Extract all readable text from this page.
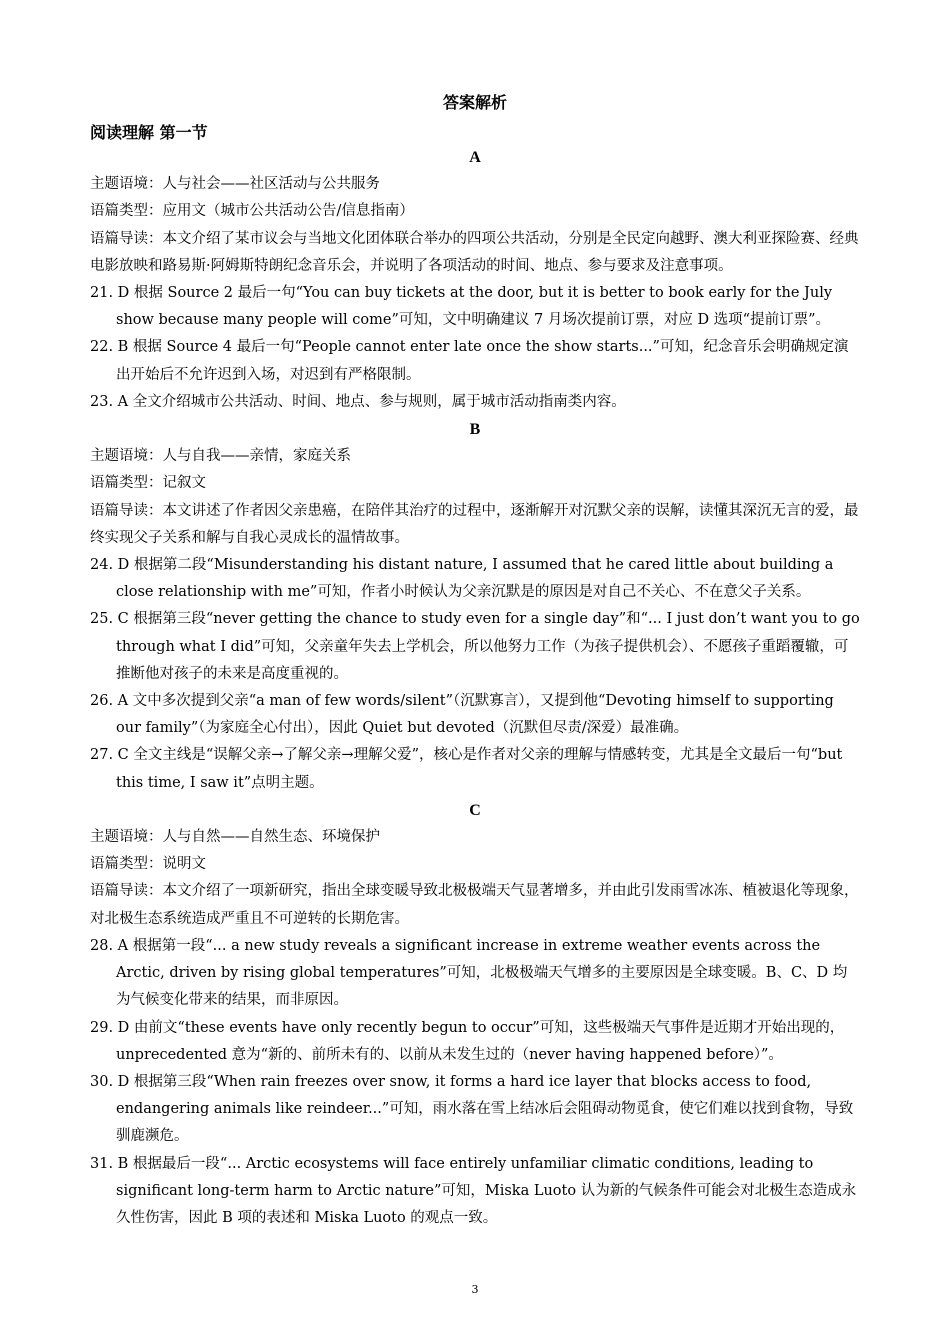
答案解析
阅读理解 第一节
A

主题语境：人与社会——社区活动与公共服务

语篇类型：应用文（城市公共活动公告/信息指南）

语篇导读：本文介绍了某市议会与当地文化团体联合举办的四项公共活动，分别是全民定向越野、澳大利亚探险赛、经典电影放映和路易斯·阿姆斯特朗纪念音乐会，并说明了各项活动的时间、地点、参与要求及注意事项。

21. D 根据 Source 2 最后一句“You can buy tickets at the door, but it is better to book early for the July show because many people will come”可知，文中明确建议 7 月场次提前订票，对应 D 选项“提前订票”。

22. B 根据 Source 4 最后一句“People cannot enter late once the show starts...”可知，纪念音乐会明确规定演出开始后不允许迟到入场，对迟到有严格限制。

23. A 全文介绍城市公共活动、时间、地点、参与规则，属于城市活动指南类内容。

B

主题语境：人与自我——亲情，家庭关系

语篇类型：记叙文

语篇导读：本文讲述了作者因父亲患癌，在陪伴其治疗的过程中，逐渐解开对沉默父亲的误解，读懂其深沉无言的爱，最终实现父子关系和解与自我心灵成长的温情故事。

24. D 根据第二段“Misunderstanding his distant nature, I assumed that he cared little about building a close relationship with me”可知，作者小时候认为父亲沉默是的原因是对自己不关心、不在意父子关系。

25. C 根据第三段“never getting the chance to study even for a single day”和“... I just don’t want you to go through what I did”可知，父亲童年失去上学机会，所以他努力工作（为孩子提供机会）、不愿孩子重蹈覆辙，可推断他对孩子的未来是高度重视的。

26. A 文中多次提到父亲“a man of few words/silent”（沉默寡言），又提到他“Devoting himself to supporting our family”（为家庭全心付出），因此 Quiet but devoted（沉默但尽责/深爱）最准确。

27. C 全文主线是“误解父亲→了解父亲→理解父爱”，核心是作者对父亲的理解与情感转变，尤其是全文最后一句“but this time, I saw it”点明主题。

C

主题语境：人与自然——自然生态、环境保护

语篇类型：说明文

语篇导读：本文介绍了一项新研究，指出全球变暖导致北极极端天气显著增多，并由此引发雨雪冰冻、植被退化等现象，对北极生态系统造成严重且不可逆转的长期危害。

28. A 根据第一段“... a new study reveals a significant increase in extreme weather events across the Arctic, driven by rising global temperatures”可知，北极极端天气增多的主要原因是全球变暖。B、C、D 均为气候变化带来的结果，而非原因。

29. D 由前文“these events have only recently begun to occur”可知，这些极端天气事件是近期才开始出现的，unprecedented 意为“新的、前所未有的、以前从未发生过的（never having happened before）”。

30. D 根据第三段“When rain freezes over snow, it forms a hard ice layer that blocks access to food, endangering animals like reindeer...”可知，雨水落在雪上结冰后会阻碍动物觅食，使它们难以找到食物，导致驯鹿濒危。

31. B 根据最后一段“... Arctic ecosystems will face entirely unfamiliar climatic conditions, leading to significant long-term harm to Arctic nature”可知，Miska Luoto 认为新的气候条件可能会对北极生态造成永久性伤害，因此 B 项的表述和 Miska Luoto 的观点一致。

3
